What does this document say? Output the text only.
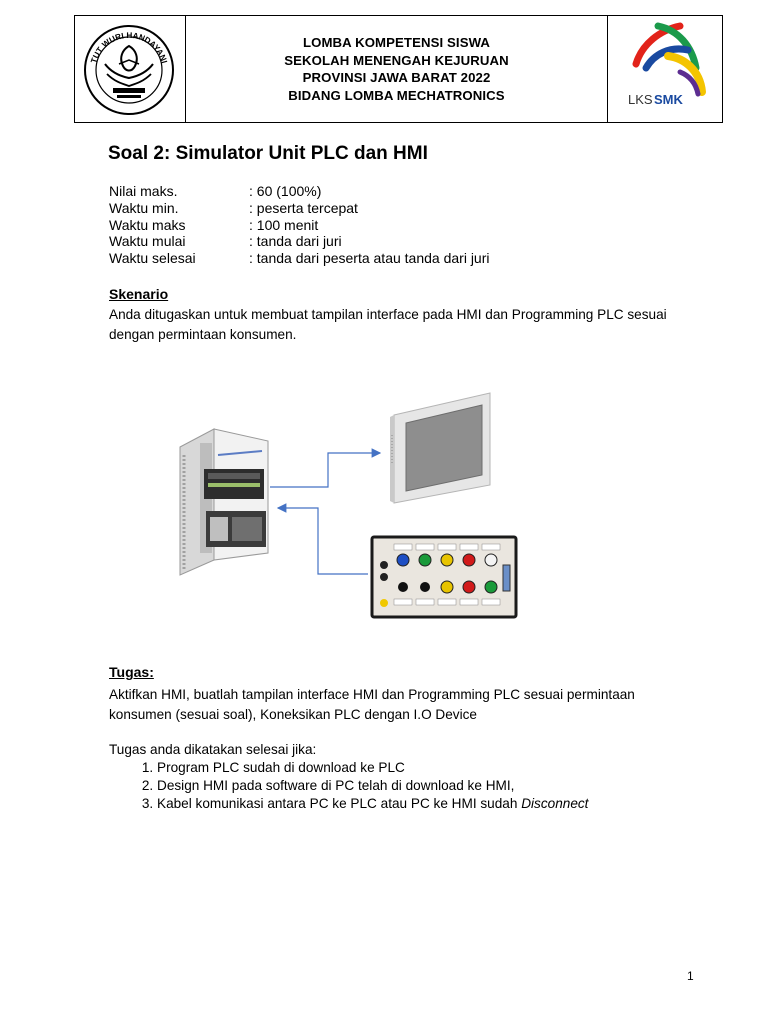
TUT WURI HANDAYANI
LOMBA KOMPETENSI SISWA
SEKOLAH MENENGAH KEJURUAN
PROVINSI JAWA BARAT 2022
BIDANG LOMBA MECHATRONICS	LKS SMK
Soal 2: Simulator Unit PLC dan HMI
Nilai maks.	: 60 (100%)
Waktu min.	: peserta tercepat
Waktu maks	: 100 menit
Waktu mulai	: tanda dari juri
Waktu selesai	: tanda dari peserta atau tanda dari juri
Skenario
Anda ditugaskan untuk membuat tampilan interface pada HMI dan Programming PLC sesuai dengan permintaan konsumen.
Tugas:
Aktifkan HMI, buatlah tampilan interface HMI dan Programming PLC sesuai permintaan konsumen (sesuai soal), Koneksikan PLC dengan I.O Device
Tugas anda dikatakan selesai jika:
1. Program PLC sudah di download ke PLC
2. Design HMI pada software di PC telah di download ke HMI,
3. Kabel komunikasi antara PC ke PLC atau PC ke HMI sudah Disconnect
1
